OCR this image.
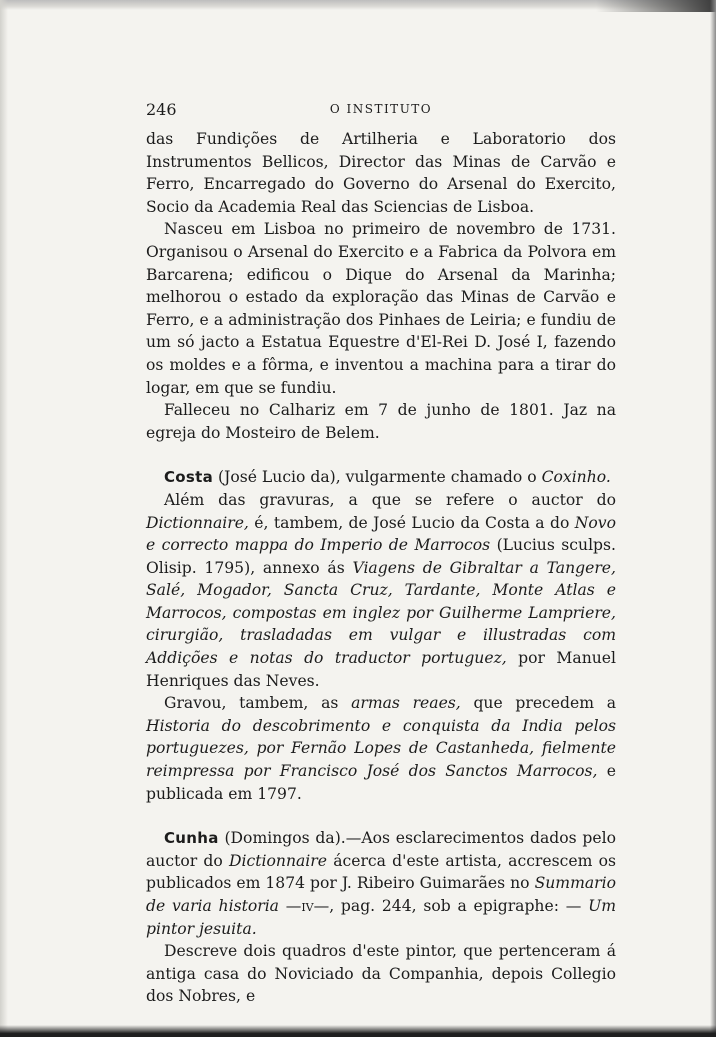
246	O INSTITUTO

das Fundições de Artilheria e Laboratorio dos Instrumentos Bellicos, Director das Minas de Carvão e Ferro, Encarregado do Governo do Arsenal do Exercito, Socio da Academia Real das Sciencias de Lisboa.

Nasceu em Lisboa no primeiro de novembro de 1731. Organisou o Arsenal do Exercito e a Fabrica da Polvora em Barcarena; edificou o Dique do Arsenal da Marinha; melhorou o estado da exploração das Minas de Carvão e Ferro, e a administração dos Pinhaes de Leiria; e fundiu de um só jacto a Estatua Equestre d'El-Rei D. José I, fazendo os moldes e a fôrma, e inventou a machina para a tirar do logar, em que se fundiu.

Falleceu no Calhariz em 7 de junho de 1801. Jaz na egreja do Mosteiro de Belem.

Costa (José Lucio da), vulgarmente chamado o Coxinho.

Além das gravuras, a que se refere o auctor do Dictionnaire, é, tambem, de José Lucio da Costa a do Novo e correcto mappa do Imperio de Marrocos (Lucius sculps. Olisip. 1795), annexo ás Viagens de Gibraltar a Tangere, Salé, Mogador, Sancta Cruz, Tardante, Monte Atlas e Marrocos, compostas em inglez por Guilherme Lampriere, cirurgião, trasladadas em vulgar e illustradas com Addições e notas do traductor portuguez, por Manuel Henriques das Neves.

Gravou, tambem, as armas reaes, que precedem a Historia do descobrimento e conquista da India pelos portuguezes, por Fernão Lopes de Castanheda, fielmente reimpressa por Francisco José dos Sanctos Marrocos, e publicada em 1797.

Cunha (Domingos da).—Aos esclarecimentos dados pelo auctor do Dictionnaire ácerca d'este artista, accrescem os publicados em 1874 por J. Ribeiro Guimarães no Summario de varia historia —iv—, pag. 244, sob a epigraphe: — Um pintor jesuita.

Descreve dois quadros d'este pintor, que pertenceram á antiga casa do Noviciado da Companhia, depois Collegio dos Nobres, e
